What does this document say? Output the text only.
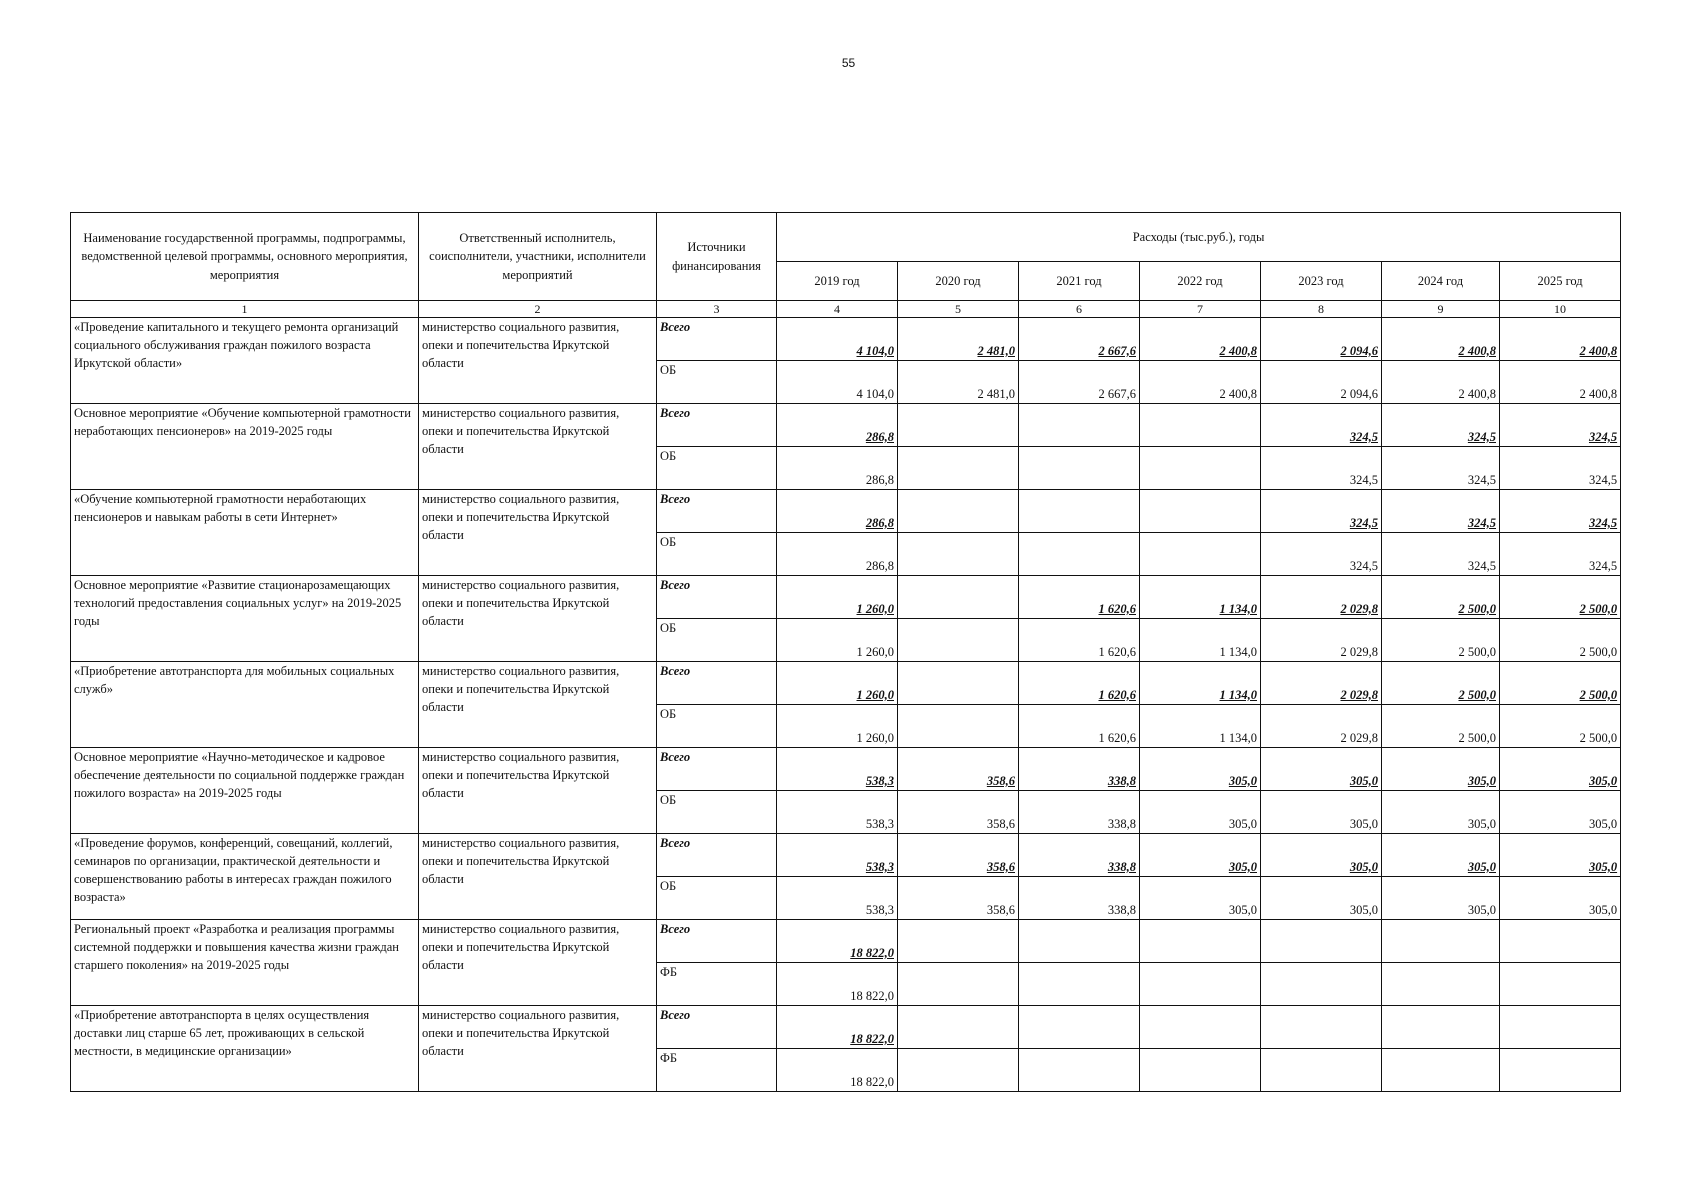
55
Наименование государственной программы, подпрограммы, ведомственной целевой программы, основного мероприятия, мероприятия	Ответственный исполнитель, соисполнители, участники, исполнители мероприятий	Источники финансирования	Расходы (тыс.руб.), годы						
			2019 год	2020 год	2021 год	2022 год	2023 год	2024 год	2025 год
1	2	3	4	5	6	7	8	9	10
«Проведение капитального и текущего ремонта организаций социального обслуживания граждан пожилого возраста Иркутской области»	министерство социального развития, опеки и попечительства Иркутской области	Всего	4 104,0	2 481,0	2 667,6	2 400,8	2 094,6	2 400,8	2 400,8
		ОБ	4 104,0	2 481,0	2 667,6	2 400,8	2 094,6	2 400,8	2 400,8
Основное мероприятие «Обучение компьютерной грамотности неработающих пенсионеров» на 2019-2025 годы	министерство социального развития, опеки и попечительства Иркутской области	Всего	286,8				324,5	324,5	324,5
		ОБ	286,8				324,5	324,5	324,5
«Обучение компьютерной грамотности неработающих пенсионеров и навыкам работы в сети Интернет»	министерство социального развития, опеки и попечительства Иркутской области	Всего	286,8				324,5	324,5	324,5
		ОБ	286,8				324,5	324,5	324,5
Основное мероприятие «Развитие стационарозамещающих технологий предоставления социальных услуг» на 2019-2025 годы	министерство социального развития, опеки и попечительства Иркутской области	Всего	1 260,0		1 620,6	1 134,0	2 029,8	2 500,0	2 500,0
		ОБ	1 260,0		1 620,6	1 134,0	2 029,8	2 500,0	2 500,0
«Приобретение автотранспорта для мобильных социальных служб»	министерство социального развития, опеки и попечительства Иркутской области	Всего	1 260,0		1 620,6	1 134,0	2 029,8	2 500,0	2 500,0
		ОБ	1 260,0		1 620,6	1 134,0	2 029,8	2 500,0	2 500,0
Основное мероприятие «Научно-методическое и кадровое обеспечение деятельности по социальной поддержке граждан пожилого возраста» на 2019-2025 годы	министерство социального развития, опеки и попечительства Иркутской области	Всего	538,3	358,6	338,8	305,0	305,0	305,0	305,0
		ОБ	538,3	358,6	338,8	305,0	305,0	305,0	305,0
«Проведение форумов, конференций, совещаний, коллегий, семинаров по организации, практической деятельности и совершенствованию работы в интересах граждан пожилого возраста»	министерство социального развития, опеки и попечительства Иркутской области	Всего	538,3	358,6	338,8	305,0	305,0	305,0	305,0
		ОБ	538,3	358,6	338,8	305,0	305,0	305,0	305,0
Региональный проект «Разработка и реализация программы системной поддержки и повышения качества жизни граждан старшего поколения» на 2019-2025 годы	министерство социального развития, опеки и попечительства Иркутской области	Всего	18 822,0						
		ФБ	18 822,0						
«Приобретение автотранспорта в целях осуществления доставки лиц старше 65 лет, проживающих в сельской местности, в медицинские организации»	министерство социального развития, опеки и попечительства Иркутской области	Всего	18 822,0						
		ФБ	18 822,0						
